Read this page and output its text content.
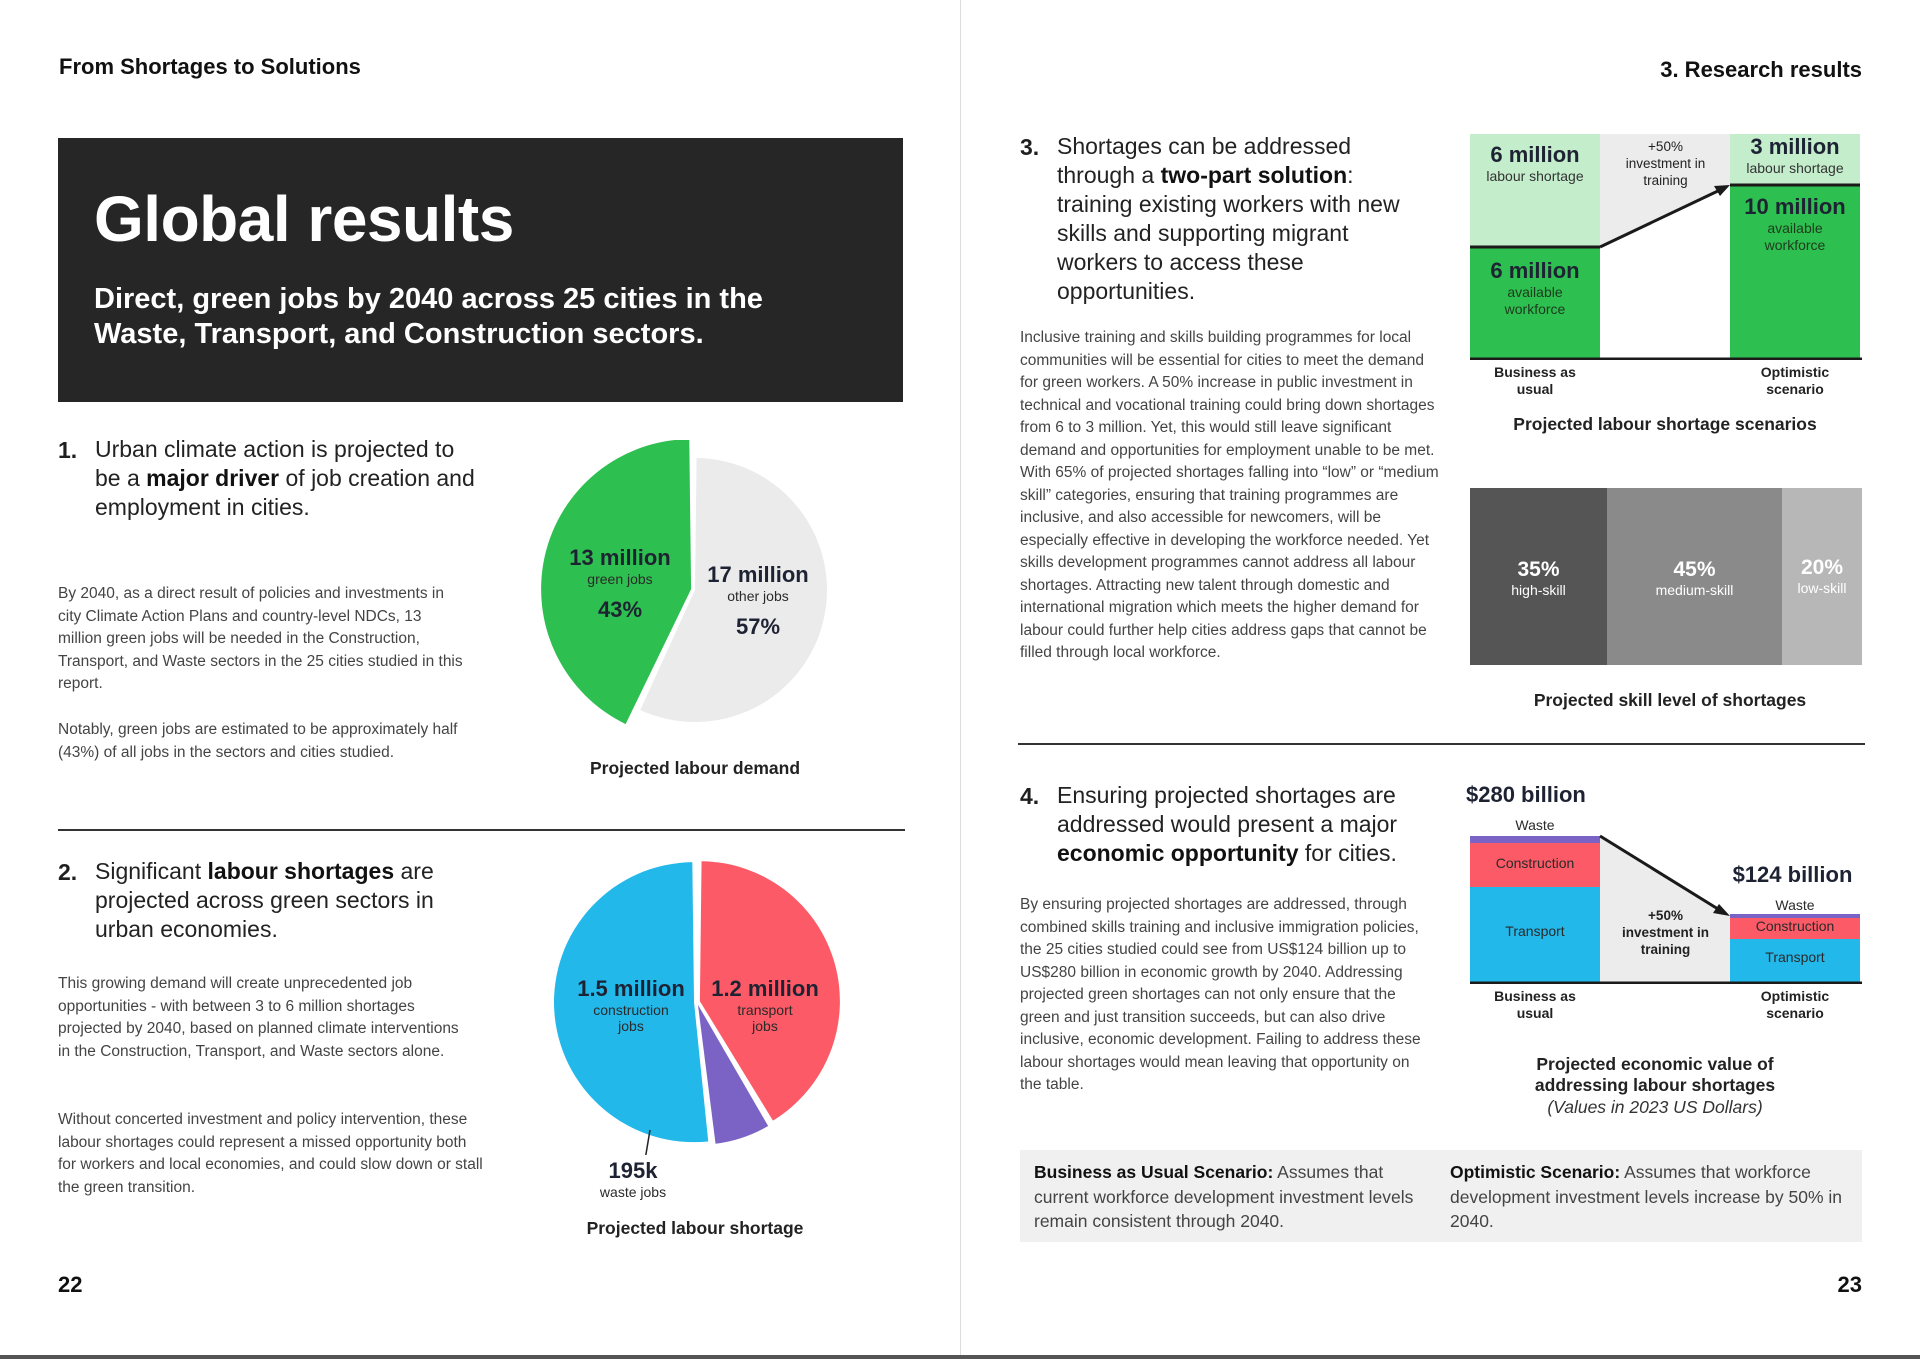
From Shortages to Solutions
Global results
Direct, green jobs by 2040 across 25 cities in the Waste, Transport, and Construction sectors.
1. Urban climate action is projected to be a major driver of job creation and employment in cities.
By 2040, as a direct result of policies and investments in city Climate Action Plans and country-level NDCs, 13 million green jobs will be needed in the Construction, Transport, and Waste sectors in the 25 cities studied in this report.
Notably, green jobs are estimated to be approximately half (43%) of all jobs in the sectors and cities studied.
13 million
green jobs
43%
17 million
other jobs
57%
Projected labour demand
2. Significant labour shortages are projected across green sectors in urban economies.
This growing demand will create unprecedented job opportunities - with between 3 to 6 million shortages projected by 2040, based on planned climate interventions in the Construction, Transport, and Waste sectors alone.
Without concerted investment and policy intervention, these labour shortages could represent a missed opportunity both for workers and local economies, and could slow down or stall the green transition.
1.5 million
construction jobs
1.2 million
transport jobs
195k
waste jobs
Projected labour shortage
22
3. Research results
3. Shortages can be addressed through a two-part solution: training existing workers with new skills and supporting migrant workers to access these opportunities.
Inclusive training and skills building programmes for local communities will be essential for cities to meet the demand for green workers. A 50% increase in public investment in technical and vocational training could bring down shortages from 6 to 3 million. Yet, this would still leave significant demand and opportunities for employment unable to be met. With 65% of projected shortages falling into “low” or “medium skill” categories, ensuring that training programmes are inclusive, and also accessible for newcomers, will be especially effective in developing the workforce needed. Yet skills development programmes cannot address all labour shortages. Attracting new talent through domestic and international migration which meets the higher demand for labour could further help cities address gaps that cannot be filled through local workforce.
6 million
labour shortage
6 million
available workforce
+50% investment in training
3 million
labour shortage
10 million
available workforce
Business as usual
Optimistic scenario
Projected labour shortage scenarios
35%
high-skill
45%
medium-skill
20%
low-skill
Projected skill level of shortages
4. Ensuring projected shortages are addressed would present a major economic opportunity for cities.
By ensuring projected shortages are addressed, through combined skills training and inclusive immigration policies, the 25 cities studied could see from US$124 billion up to US$280 billion in economic growth by 2040. Addressing projected green shortages can not only ensure that the green and just transition succeeds, but can also drive inclusive, economic development. Failing to address these labour shortages would mean leaving that opportunity on the table.
$280 billion
$124 billion
Waste
Construction
Transport
Waste
Construction
Transport
+50% investment in training
Business as usual
Optimistic scenario
Projected economic value of addressing labour shortages
(Values in 2023 US Dollars)
Business as Usual Scenario: Assumes that current workforce development investment levels remain consistent through 2040.
Optimistic Scenario: Assumes that workforce development investment levels increase by 50% in 2040.
23
